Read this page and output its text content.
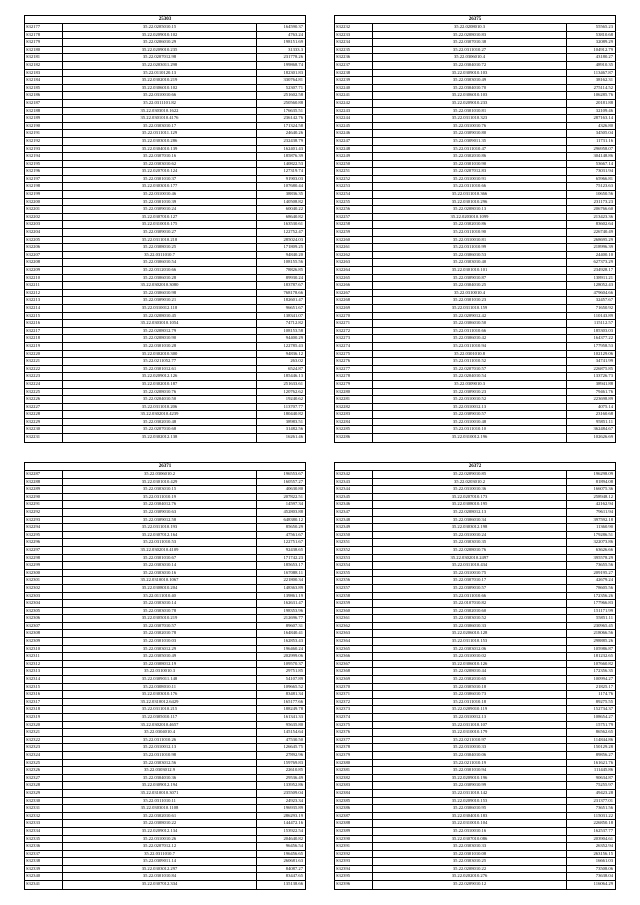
25303
S32177	35.22.0205010.15	164590.37
S32178	35.22.0209010.102	4763.24
S32179	35.22.0206010.29	198151.69
S32180	35.22.0209010.235	31333.3
S32181	35.22.0207012.98	231778.26
S32182	35.22.0203011.298	199868.74
S32183	35.22.0110120.13	182301.83
S32184	35.22.0302010.219	330764.81
S32185	35.22.0306010.102	52307.71
S32186	35.22.0310010.66	251602.58
S32187	35.22.0311101.82	250560.88
S32188	35.22.0303010.1622	176635.51
S32189	35.22.0301010.4176	236142.76
S32190	35.22.0303010.17	171324.58
S32191	35.22.0311011.129	24640.26
S32192	35.22.0303010.286	232438.79
S32193	35.22.0304010.139	162401.43
S32194	35.22.0307010.16	185876.39
S32195	35.22.0303010.62	140822.53
S32196	35.22.0207010.124	127319.74
S32197	35.22.0301010.37	91903.03
S32198	35.22.0303010.177	107680.44
S32199	35.22.0310010.46	38836.35
S32200	35.22.0301010.39	140508.82
S32201	35.22.0309010.24	60040.22
S32202	35.22.0307010.127	68640.82
S32203	35.22.0310010.175	163530.61
S32204	35.22.0309010.27	122752.47
S32205	35.22.0311010.218	285024.03
S32206	35.22.0308010.25	171809.25
S32207	35.22.0311010.7	94840.20
S32208	35.22.0306010.54	108155.56
S32209	35.22.0312010.66	78826.85
S32210	35.22.0306010.28	89930.24
S32211	35.22.0302010.3080	183787.67
S32212	35.22.0306010.98	768178.66
S32213	35.22.0309010.21	182601.47
S32214	35.22.0310012.118	96651.67
S32215	35.22.0208010.45	138341.07
S32216	35.22.0303010.1054	74712.82
S32217	35.22.0208012.79	108153.58
S32218	35.22.0208010.90	94400.29
S32219	35.22.0301010.28	122785.43
S32220	35.22.0302010.300	94836.12
S32221	35.22.0211052.77	263.02
S32222	35.22.0301012.61	6524.87
S32223	35.22.0209012.126	185446.13
S32224	35.22.0302010.187	251633.61
S32225	35.22.0208010.76	120762.62
S32226	35.22.0204010.50	19240.62
S32227	35.22.0311010.206	113707.77
S32228	35.22.0302010.4239	180440.82
S32229	35.22.0302010.48	38983.51
S32230	35.22.0207010.68	31482.56
S32231	35.22.0302012.138	16261.46
26375
S32232	35.22.0208010.3	55565.23
S32233	35.22.0208010.83	53810.68
S32234	35.22.0307010.38	32089.29
S32235	35.22.0311010.27	104912.79
S32236	35.22.0306010.4	43180.27
S32237	35.22.0304010.72	48910.35
S32238	35.22.0309010.103	113467.87
S32239	35.22.0303010.49	38162.31
S32240	35.22.0304010.70	275114.52
S32241	35.22.0306010.103	106285.76
S32242	35.22.0209010.233	20181.88
S32243	35.22.0301010.81	32109.46
S32244	35.22.0311010.323	287163.14
S32245	35.22.0310010.76	4326.80
S32246	35.22.0309010.80	34505.04
S32247	35.22.0309011.35	11731.16
S32248	35.22.0311010.47	296958.07
S32249	35.22.0302010.86	304148.86
S32250	35.22.0301010.90	53667.14
S32251	35.22.0207012.83	73031.94
S32252	35.22.0310010.91	65966.81
S32253	35.22.0311010.66	75123.63
S32254	35.22.0311010.366	10650.56
S32255	35.22.0301010.296	231173.23
S32256	35.22.0208010.13	206766.60
S32257	35.22.0203010.1099	213423.36
S32258	35.22.0302010.86	83602.64
S32259	35.22.0311010.90	226740.49
S32260	35.22.0310010.81	268695.29
S32261	35.22.0311010.99	218996.39
S32262	35.22.0306010.53	24400.10
S32263	35.22.0303010.40	627373.29
S32264	35.22.0301010.101	234928.17
S32265	35.22.0309010.87	138911.21
S32266	35.22.0304010.25	128052.43
S32267	35.22.0310010.4	479604.66
S32268	35.22.0301010.23	32457.67
S32269	35.22.0311010.159	71650.92
S32270	35.22.0209012.42	110143.89
S32271	35.22.0306010.50	115112.57
S32272	35.22.0311010.66	185303.03
S32273	35.22.0306010.42	164377.22
S32274	35.22.0311010.94	177958.53
S32275	35.22.0301010.8	102129.06
S32276	35.22.0311010.52	34741.99
S32277	35.22.0207010.57	226875.85
S32278	35.22.0204010.54	133726.73
S32279	35.22.0309010.3	38941.88
S32280	35.22.0309010.23	79461.76
S32281	35.22.0310010.52	223698.89
S32282	35.22.0310012.13	4075.14
S32283	35.22.0309010.57	23160.68
S32284	35.22.0310010.48	95851.11
S32285	35.22.0311010.10	362484.67
S32286	35.22.0310012.196	102626.69
26371
S32287	35.22.0306010.2	196553.67
S32288	35.22.0301010.429	160557.27
S32289	35.22.0303010.15	40630.80
S32290	35.22.0311010.19	207822.51
S32291	35.22.0304012.76	14597.34
S32292	35.22.0309010.63	452803.88
S32293	35.22.0309012.58	648380.12
S32294	35.22.0311010.193	85650.29
S32295	35.22.0307012.164	47561.67
S32296	35.22.0311010.53	122751.67
S32297	35.22.0302010.4109	92438.65
S32298	35.22.0301010.67	171742.23
S32299	35.22.0303010.14	185653.17
S32300	35.22.0303010.16	167088.11
S32301	35.22.0310010.1067	221800.34
S32302	35.22.0308010.204	148363.89
S32303	35.22.0111010.40	139861.19
S32304	35.22.0303010.14	162631.47
S32305	35.22.0303010.78	198353.96
S32306	35.22.0305010.219	212696.77
S32307	35.22.0307010.57	89607.31
S32308	35.22.0302010.78	164840.41
S32309	35.22.0301010.03	162853.43
S32310	35.22.0303012.29	196460.24
S32311	35.22.0305010.49	202999.06
S32312	35.22.0308012.19	109570.37
S32313	35.22.0310010.3	29751.85
S32314	35.22.0309011.148	54107.89
S32315	35.22.0308010.11	109665.52
S32316	35.22.0303010.176	83481.34
S32317	35.22.0310012.6429	165177.66
S32318	35.22.0311010.215	188249.78
S32319	35.22.0305010.117	161341.33
S32320	35.22.0302010.4657	95635.80
S32321	35.22.0304010.4	145154.64
S32322	35.22.0311010.26	47530.50
S32323	35.22.0310012.13	126645.75
S32324	35.22.0311010.98	27892.96
S32325	35.22.0303012.56	159769.83
S32326	35.22.0303012.9	22610.85
S32327	35.22.0304010.36	29536.49
S32328	35.22.0309012.194	133952.86
S32329	35.22.0310010.3071	235509.04
S32330	35.22.0311010.11	24923.34
S32331	35.22.0303010.1108	196935.89
S32332	35.22.0302010.61	286293.19
S32333	35.22.0308010.22	144472.16
S32334	35.22.0209012.134	153922.54
S32335	35.22.0310010.26	204640.82
S32336	35.22.0207012.12	96456.54
S32337	35.22.0311010.7	196456.65
S32338	35.22.0309011.14	260681.63
S32339	35.22.0303012.297	84087.27
S32340	35.22.0301010.84	83447.65
S32341	35.22.0307012.334	135138.66
26372
S32342	35.22.0209010.85	196298.09
S32343	35.22.0203010.2	81894.08
S32344	35.22.0310010.36	166075.36
S32345	35.22.0207010.173	258948.12
S32346	35.22.0308010.195	42162.94
S32347	35.22.0208012.13	79611.94
S32348	35.22.0306010.34	397592.18
S32349	35.22.0303012.198	11360.90
S32350	35.22.0310010.24	179286.51
S32351	35.22.0303010.35	322073.86
S32352	35.22.0208010.76	63626.66
S32353	35.22.0302010.2497	395578.29
S32354	35.22.0311010.434	73655.56
S32355	35.22.0310010.75	209195.27
S32356	35.22.0307010.17	42679.24
S32357	35.22.0309010.57	78605.56
S32358	35.22.0311010.66	172356.26
S32359	35.22.0107010.82	177966.83
S32360	35.22.0302010.60	151171.99
S32361	35.22.0303010.52	55851.11
S32362	35.22.0306010.33	230965.45
S32363	35.22.0206010.128	218066.56
S32364	35.22.0311010.153	298885.26
S32365	35.22.0303012.06	105986.87
S32366	35.22.0310010.02	181232.65
S32367	35.22.0306010.126	107660.82
S32368	35.22.0208010.44	172356.35
S32369	35.22.0302010.65	100994.27
S32370	35.22.0305010.18	21825.17
S32371	35.22.0306010.73	1174.76
S32372	35.22.0311010.18	89275.55
S32373	35.22.0209010.119	152734.37
S32374	35.22.0310012.13	108654.27
S32375	35.22.0311010.107	15751.79
S32376	35.22.0310010.179	86562.65
S32377	35.22.0211010.97	114844.86
S32378	35.22.0310010.33	150129.28
S32379	35.22.0304010.06	89856.27
S32380	35.22.0211010.19	161621.76
S32381	35.22.0301010.94	111445.86
S32382	35.22.0209010.196	90634.87
S32383	35.22.0309010.99	75255.97
S32384	35.22.0311010.142	49423.28
S32385	35.22.0209010.153	231377.01
S32386	35.22.0306010.95	73651.56
S32387	35.22.0304010.183	115031.22
S32388	35.22.0310010.104	226850.18
S32389	35.22.0310010.16	162537.77
S32390	35.22.0307010.086	203904.61
S32391	35.22.0303010.33	26352.94
S32392	35.22.0301010.08	263156.15
S32393	35.22.0303010.25	16661.03
S32394	35.22.0208010.22	73508.06
S32395	35.22.0202010.276	73638.04
S32396	35.22.0209010.12	116064.29
